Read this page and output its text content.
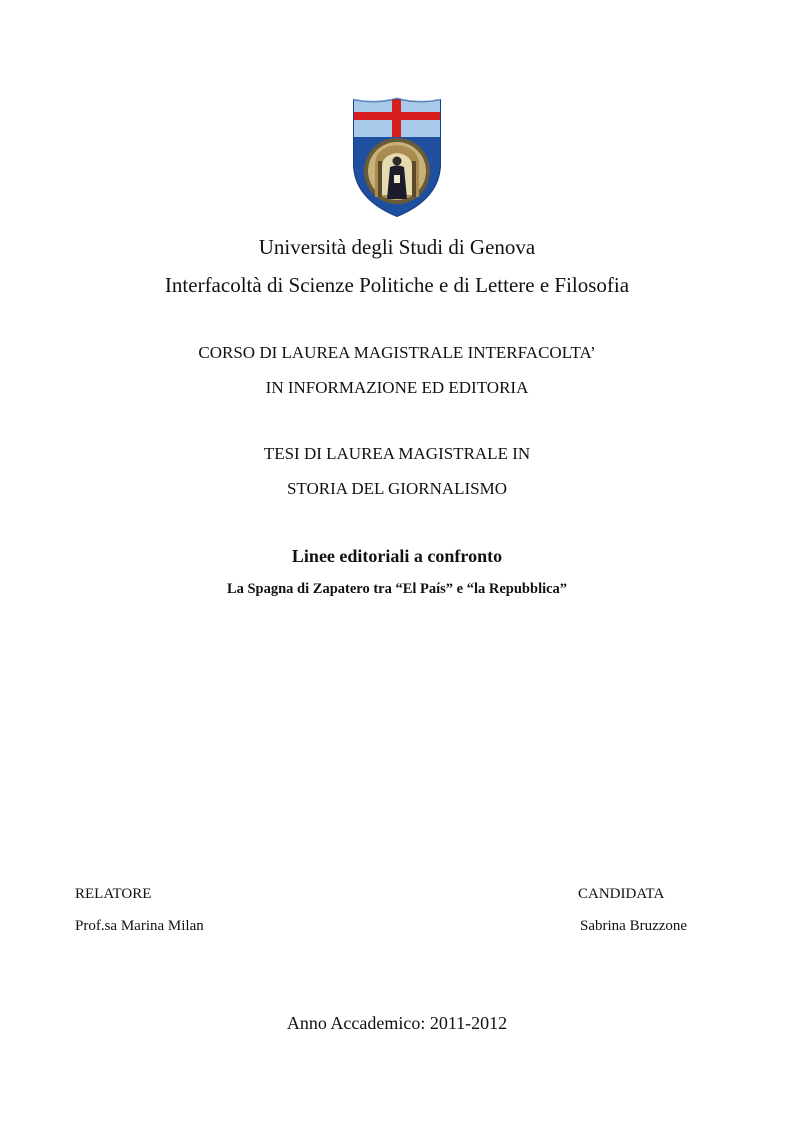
Università degli Studi di Genova
Interfacoltà di Scienze Politiche e di Lettere e Filosofia
CORSO DI LAUREA MAGISTRALE INTERFACOLTA’
IN INFORMAZIONE ED EDITORIA
TESI DI LAUREA MAGISTRALE IN
STORIA DEL GIORNALISMO
Linee editoriali a confronto
La Spagna di Zapatero tra “El País” e “la Repubblica”
RELATORE
Prof.sa Marina Milan
CANDIDATA
Sabrina Bruzzone
Anno Accademico: 2011-2012
